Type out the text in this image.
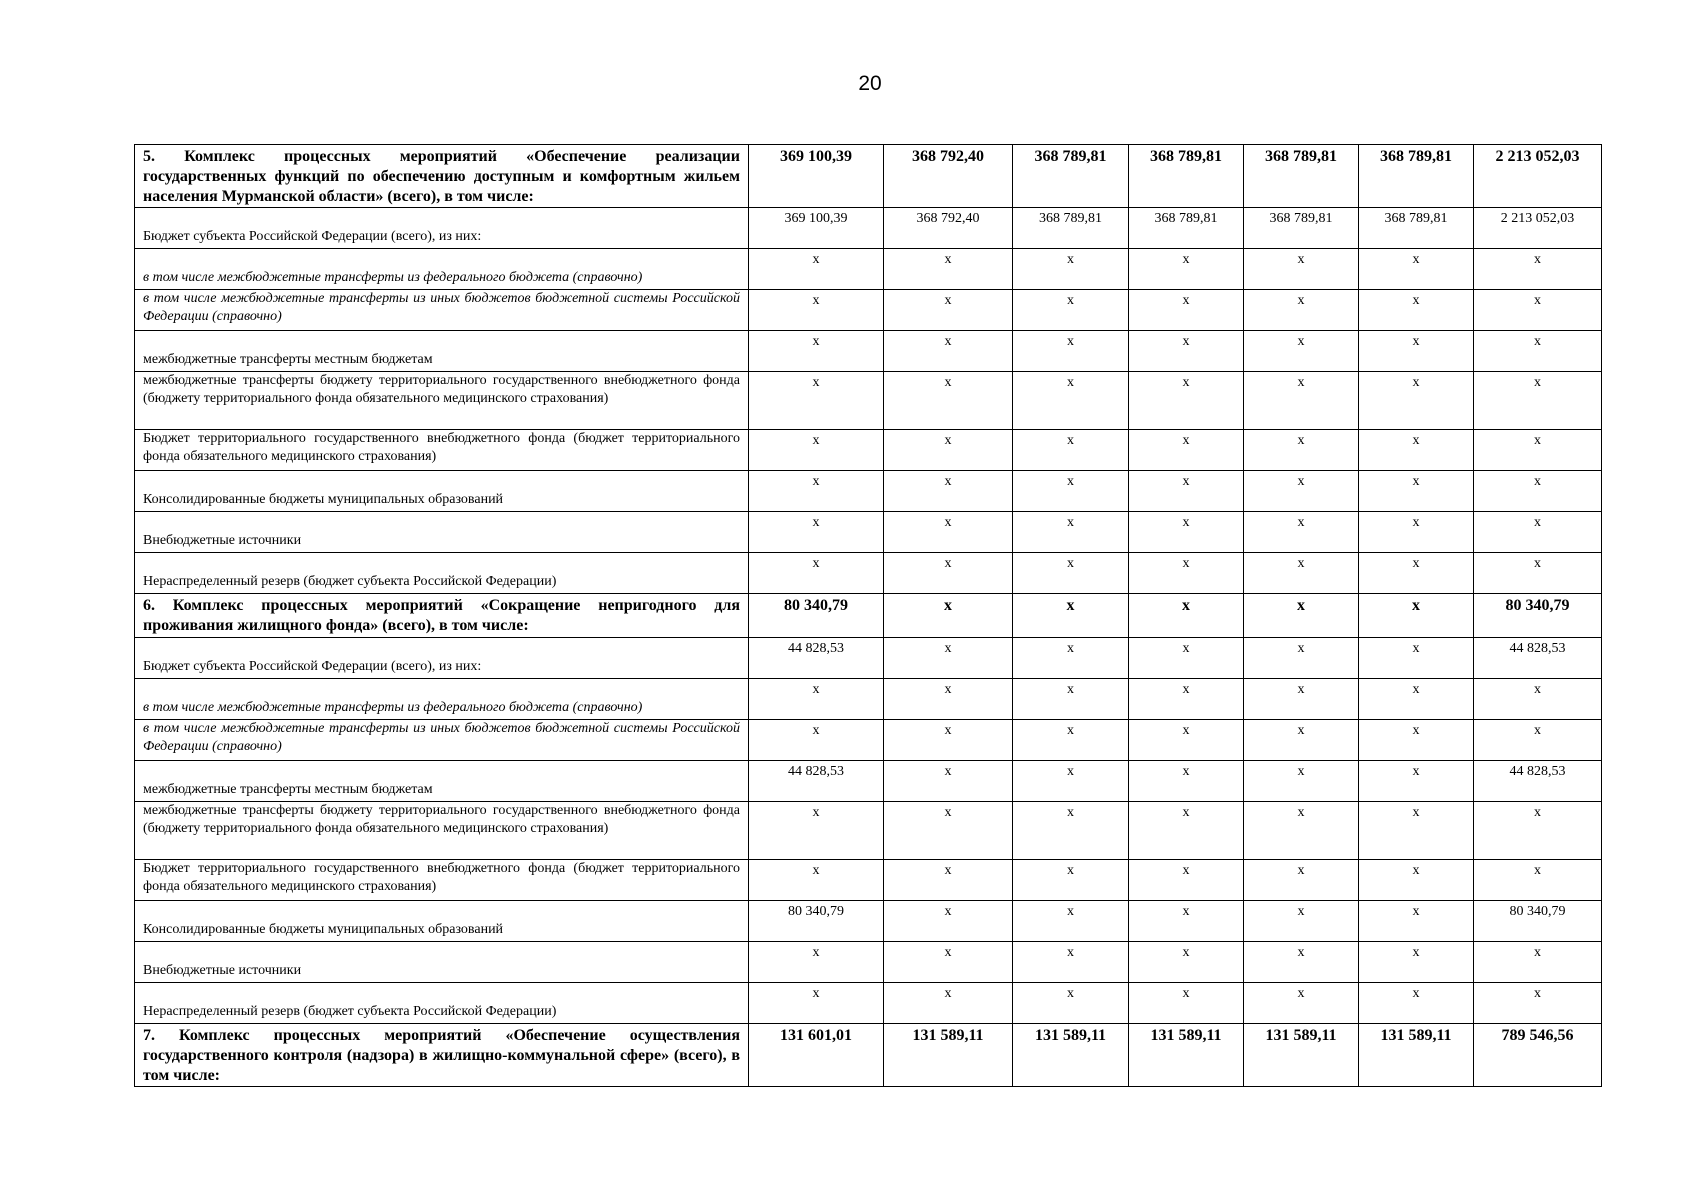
20
5. Комплекс процессных мероприятий «Обеспечение реализации государственных функций по обеспечению доступным и комфортным жильем населения Мурманской области» (всего), в том числе:	369 100,39	368 792,40	368 789,81	368 789,81	368 789,81	368 789,81	2 213 052,03
Бюджет субъекта Российской Федерации (всего), из них:	369 100,39	368 792,40	368 789,81	368 789,81	368 789,81	368 789,81	2 213 052,03
в том числе межбюджетные трансферты из федерального бюджета (справочно)	x	x	x	x	x	x	x
в том числе межбюджетные трансферты из иных бюджетов бюджетной системы Российской Федерации (справочно)	x	x	x	x	x	x	x
межбюджетные трансферты местным бюджетам	x	x	x	x	x	x	x
межбюджетные трансферты бюджету территориального государственного внебюджетного фонда (бюджету территориального фонда обязательного медицинского страхования)	x	x	x	x	x	x	x
Бюджет территориального государственного внебюджетного фонда (бюджет территориального фонда обязательного медицинского страхования)	x	x	x	x	x	x	x
Консолидированные бюджеты муниципальных образований	x	x	x	x	x	x	x
Внебюджетные источники	x	x	x	x	x	x	x
Нераспределенный резерв (бюджет субъекта Российской Федерации)	x	x	x	x	x	x	x
6. Комплекс процессных мероприятий «Сокращение непригодного для проживания жилищного фонда» (всего), в том числе:	80 340,79	x	x	x	x	x	80 340,79
Бюджет субъекта Российской Федерации (всего), из них:	44 828,53	x	x	x	x	x	44 828,53
в том числе межбюджетные трансферты из федерального бюджета (справочно)	x	x	x	x	x	x	x
в том числе межбюджетные трансферты из иных бюджетов бюджетной системы Российской Федерации (справочно)	x	x	x	x	x	x	x
межбюджетные трансферты местным бюджетам	44 828,53	x	x	x	x	x	44 828,53
межбюджетные трансферты бюджету территориального государственного внебюджетного фонда (бюджету территориального фонда обязательного медицинского страхования)	x	x	x	x	x	x	x
Бюджет территориального государственного внебюджетного фонда (бюджет территориального фонда обязательного медицинского страхования)	x	x	x	x	x	x	x
Консолидированные бюджеты муниципальных образований	80 340,79	x	x	x	x	x	80 340,79
Внебюджетные источники	x	x	x	x	x	x	x
Нераспределенный резерв (бюджет субъекта Российской Федерации)	x	x	x	x	x	x	x
7. Комплекс процессных мероприятий «Обеспечение осуществления государственного контроля (надзора) в жилищно-коммунальной сфере» (всего), в том числе:	131 601,01	131 589,11	131 589,11	131 589,11	131 589,11	131 589,11	789 546,56
